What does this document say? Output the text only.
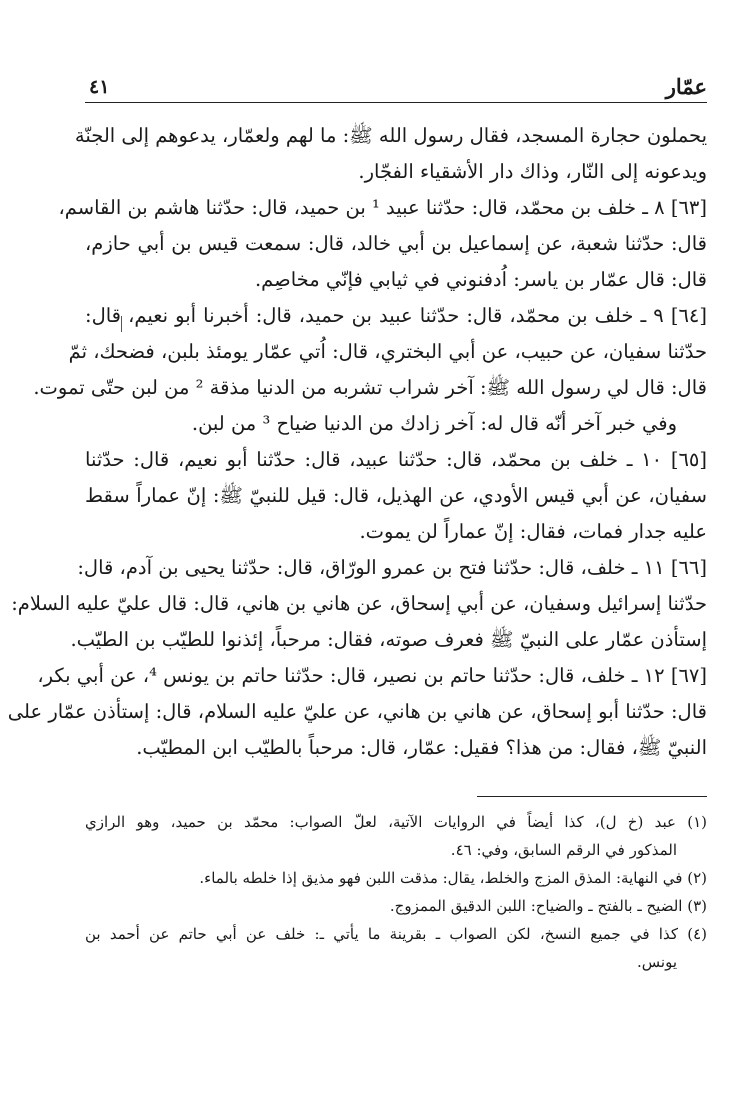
عمّار
٤١
يحملون حجارة المسجد، فقال رسول الله ﷺ: ما لهم ولعمّار، يدعوهم إلى الجنّة
ويدعونه إلى النّار، وذاك دار الأشقياء الفجّار.
[٦٣] ٨ ـ خلف بن محمّد، قال: حدّثنا عبيد ¹ بن حميد، قال: حدّثنا هاشم بن القاسم،
قال: حدّثنا شعبة، عن إسماعيل بن أبي خالد، قال: سمعت قيس بن أبي حازم،
قال: قال عمّار بن ياسر: اُدفنوني في ثيابي فإنّي مخاصِم.
[٦٤] ٩ ـ خلف بن محمّد، قال: حدّثنا عبيد بن حميد، قال: أخبرنا أبو نعيم، قال:
حدّثنا سفيان، عن حبيب، عن أبي البختري، قال: اُتي عمّار يومئذ بلبن، فضحك، ثمّ
قال: قال لي رسول الله ﷺ: آخر شراب تشربه من الدنيا مذقة ² من لبن حتّى تموت.
وفي خبر آخر أنّه قال له: آخر زادك من الدنيا ضياح ³ من لبن.
[٦٥] ١٠ ـ خلف بن محمّد، قال: حدّثنا عبيد، قال: حدّثنا أبو نعيم، قال: حدّثنا
سفيان، عن أبي قيس الأودي، عن الهذيل، قال: قيل للنبيّ ﷺ: إنّ عماراً سقط
عليه جدار فمات، فقال: إنّ عماراً لن يموت.
[٦٦] ١١ ـ خلف، قال: حدّثنا فتح بن عمرو الورّاق، قال: حدّثنا يحيى بن آدم، قال:
حدّثنا إسرائيل وسفيان، عن أبي إسحاق، عن هاني بن هاني، قال: قال عليّ عليه السلام:
إستأذن عمّار على النبيّ ﷺ فعرف صوته، فقال: مرحباً، إئذنوا للطيّب بن الطيّب.
[٦٧] ١٢ ـ خلف، قال: حدّثنا حاتم بن نصير، قال: حدّثنا حاتم بن يونس ⁴، عن أبي بكر،
قال: حدّثنا أبو إسحاق، عن هاني بن هاني، عن عليّ عليه السلام، قال: إستأذن عمّار على
النبيّ ﷺ، فقال: من هذا؟ فقيل: عمّار، قال: مرحباً بالطيّب ابن المطيّب.
(١) عبد (خ ل)، كذا أيضاً في الروايات الآتية، لعلّ الصواب: محمّد بن حميد، وهو الرازي
المذكور في الرقم السابق، وفي: ٤٦.
(٢) في النهاية: المذق المزج والخلط، يقال: مذقت اللبن فهو مذيق إذا خلطه بالماء.
(٣) الضيح ـ بالفتح ـ والضياح: اللبن الدقيق الممزوج.
(٤) كذا في جميع النسخ، لكن الصواب ـ بقرينة ما يأتي ـ: خلف عن أبي حاتم عن أحمد بن
يونس.
